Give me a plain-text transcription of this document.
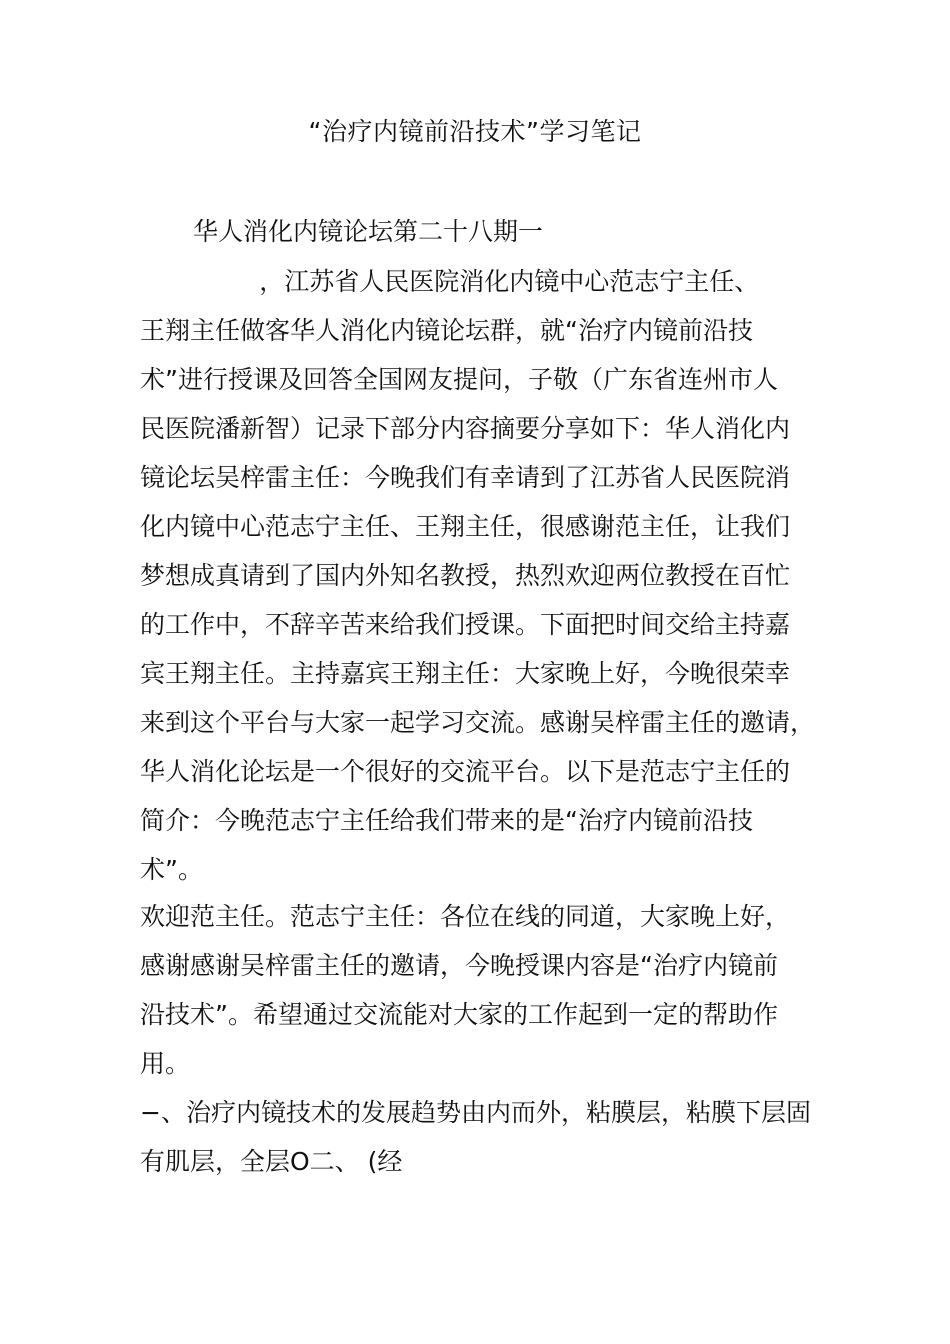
“治疗内镜前沿技术”学习笔记
华人消化内镜论坛第二十八期一
，江苏省人民医院消化内镜中心范志宁主任、
王翔主任做客华人消化内镜论坛群，就“治疗内镜前沿技
术”进行授课及回答全国网友提问，子敬（广东省连州市人
民医院潘新智）记录下部分内容摘要分享如下：华人消化内
镜论坛吴梓雷主任：今晚我们有幸请到了江苏省人民医院消
化内镜中心范志宁主任、王翔主任，很感谢范主任，让我们
梦想成真请到了国内外知名教授，热烈欢迎两位教授在百忙
的工作中，不辞辛苦来给我们授课。下面把时间交给主持嘉
宾王翔主任。主持嘉宾王翔主任：大家晚上好，今晚很荣幸
来到这个平台与大家一起学习交流。感谢吴梓雷主任的邀请，
华人消化论坛是一个很好的交流平台。以下是范志宁主任的
简介：今晚范志宁主任给我们带来的是“治疗内镜前沿技
术”。
欢迎范主任。范志宁主任：各位在线的同道，大家晚上好，
感谢感谢吴梓雷主任的邀请，今晚授课内容是“治疗内镜前
沿技术”。希望通过交流能对大家的工作起到一定的帮助作
用。
−、治疗内镜技术的发展趋势由内而外，粘膜层，粘膜下层固
有肌层，全层O二、 (经
